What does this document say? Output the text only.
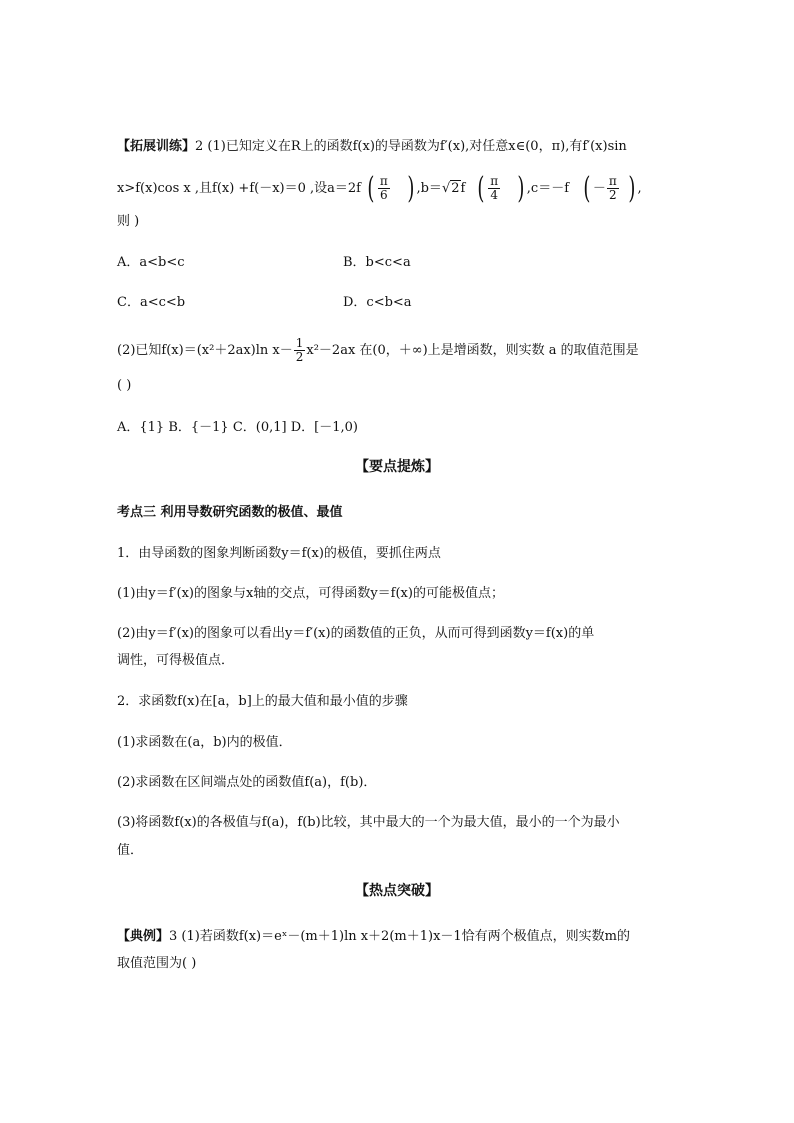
【拓展训练】2 (1)已知定义在R上的函数f(x)的导函数为f′(x),对任意x∈(0，π),有f′(x)sin
x>f(x)cos x ,且f(x) +f(－x)＝0 ,设a＝2f ( $\frac{\pi}{6}$ ) ,b＝√2f ( $\frac{\pi}{4}$ ) ,c＝－f ( － $\frac{\pi}{2}$ ) ,
则 )
A．a<b<c	B．b<c<a
C．a<c<b	D．c<b<a
(2)已知f(x)＝(x²＋2ax)ln $x- \frac{1}{2} x^2-2ax$ 在(0，＋∞)上是增函数，则实数 a 的取值范围是
( )
A．{1} B．{－1} C．(0,1] D．[－1,0)
【要点提炼】
考点三 利用导数研究函数的极值、最值
1．由导函数的图象判断函数y＝f(x)的极值，要抓住两点
(1)由y＝f′(x)的图象与x轴的交点，可得函数y＝f(x)的可能极值点；
(2)由y＝f′(x)的图象可以看出y＝f′(x)的函数值的正负，从而可得到函数y＝f(x)的单
调性，可得极值点．
2．求函数f(x)在[a，b]上的最大值和最小值的步骤
(1)求函数在(a，b)内的极值．
(2)求函数在区间端点处的函数值f(a)，f(b)．
(3)将函数f(x)的各极值与f(a)，f(b)比较，其中最大的一个为最大值，最小的一个为最小
值．
【热点突破】
【典例】3 (1)若函数f(x)＝eˣ－(m＋1)ln x＋2(m＋1)x－1恰有两个极值点，则实数m的
取值范围为( )
